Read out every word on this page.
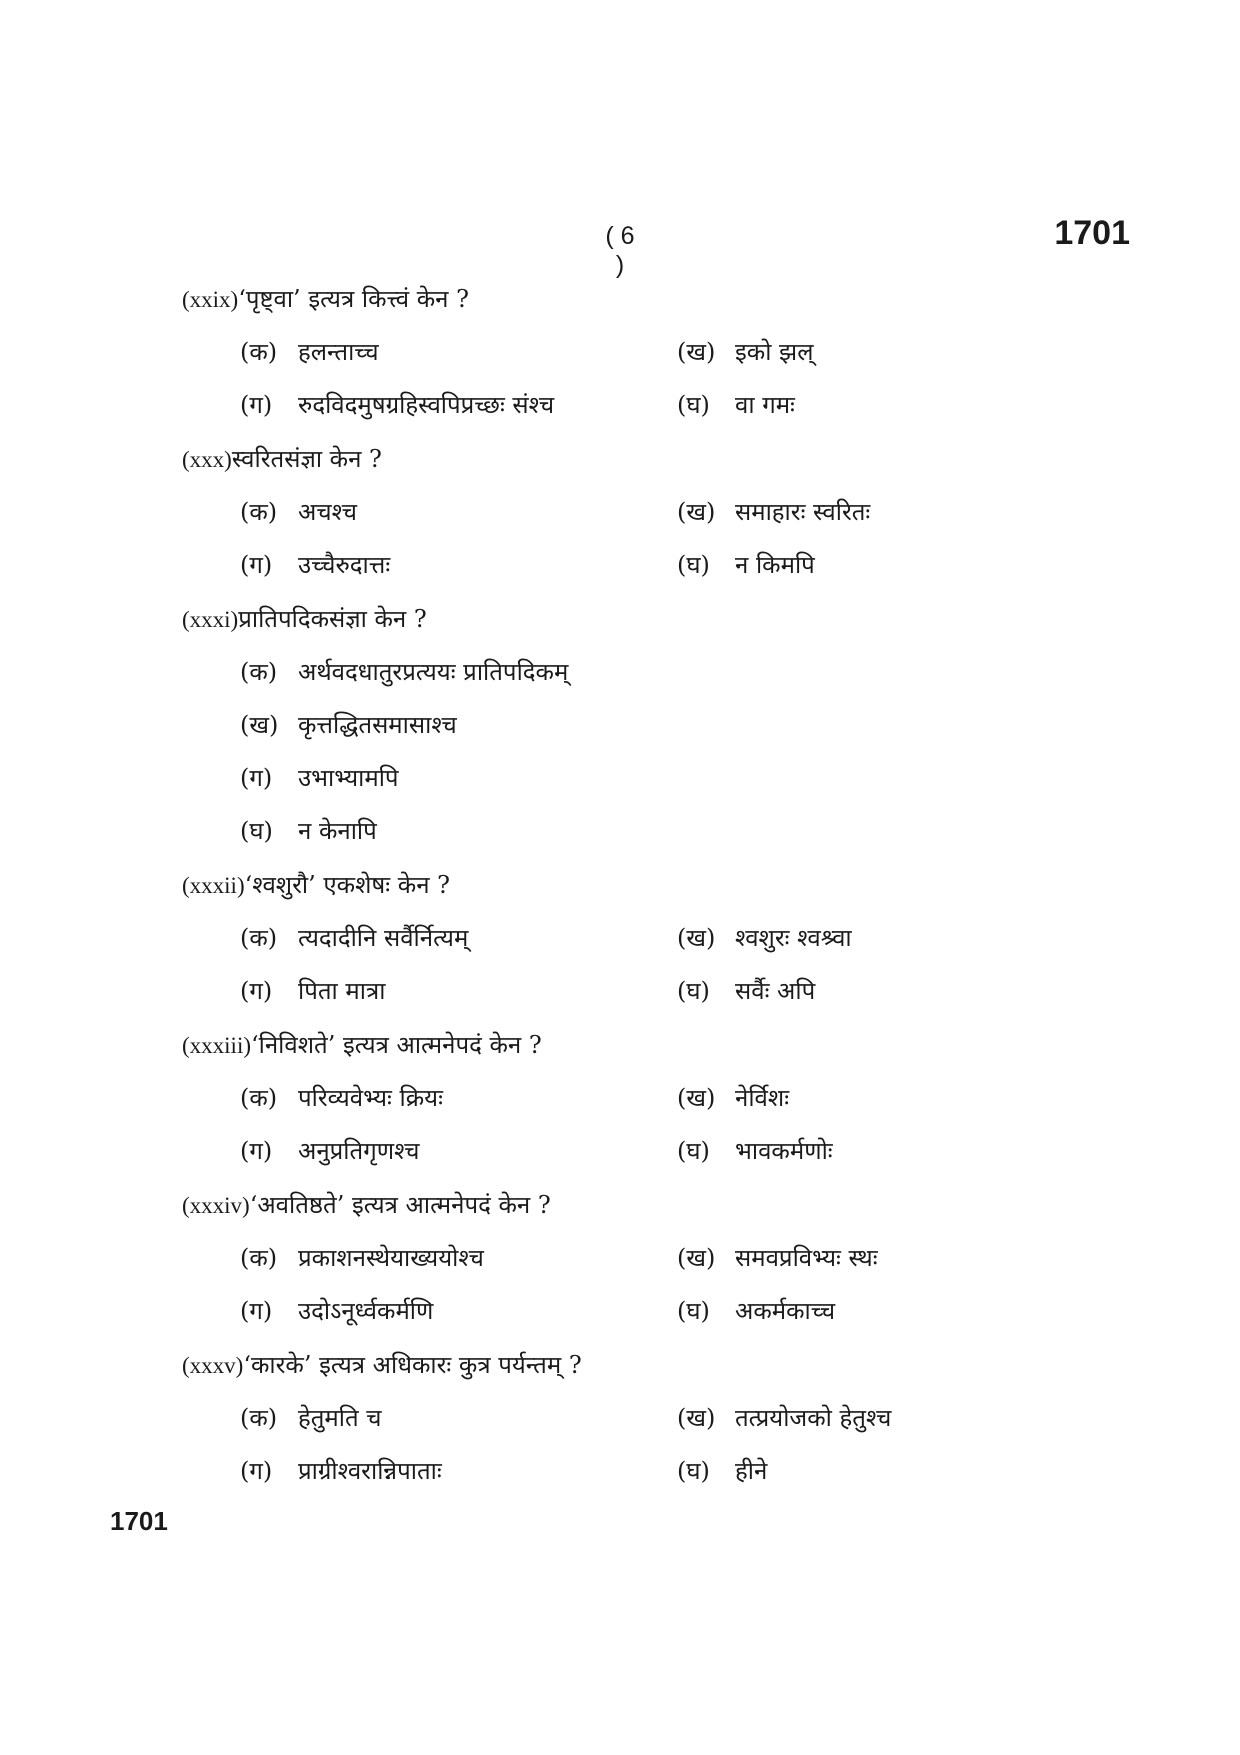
( 6 )
1701
(xxix)‘पृष्ट्वा’ इत्यत्र कित्त्वं केन ?
(क) हलन्ताच्च	(ख) इको झल्
(ग)	रुदविदमुषग्रहिस्वपिप्रच्छः संश्च	(घ)	वा गमः
(xxx)स्वरितसंज्ञा केन ?
(क) अचश्च	(ख) समाहारः स्वरितः
(ग)	उच्चैरुदात्तः	(घ)	न किमपि
(xxxi)प्रातिपदिकसंज्ञा केन ?
(क) अर्थवदधातुरप्रत्ययः प्रातिपदिकम्
(ख) कृत्तद्धितसमासाश्च
(ग)	उभाभ्यामपि
(घ)	न केनापि
(xxxii)‘श्वशुरौ’ एकशेषः केन ?
(क) त्यदादीनि सर्वैर्नित्यम्	(ख) श्वशुरः श्वश्र्वा
(ग)	पिता मात्रा	(घ)	सर्वैः अपि
(xxxiii)‘निविशते’ इत्यत्र आत्मनेपदं केन ?
(क) परिव्यवेभ्यः क्रियः	(ख) नेर्विशः
(ग)	अनुप्रतिगृणश्च	(घ)	भावकर्मणोः
(xxxiv)‘अवतिष्ठते’ इत्यत्र आत्मनेपदं केन ?
(क) प्रकाशनस्थेयाख्ययोश्च	(ख) समवप्रविभ्यः स्थः
(ग)	उदोऽनूर्ध्वकर्मणि	(घ)	अकर्मकाच्च
(xxxv)‘कारके’ इत्यत्र अधिकारः कुत्र पर्यन्तम् ?
(क) हेतुमति च	(ख) तत्प्रयोजको हेतुश्च
(ग)	प्राग्रीश्वरान्निपाताः	(घ)	हीने
1701
